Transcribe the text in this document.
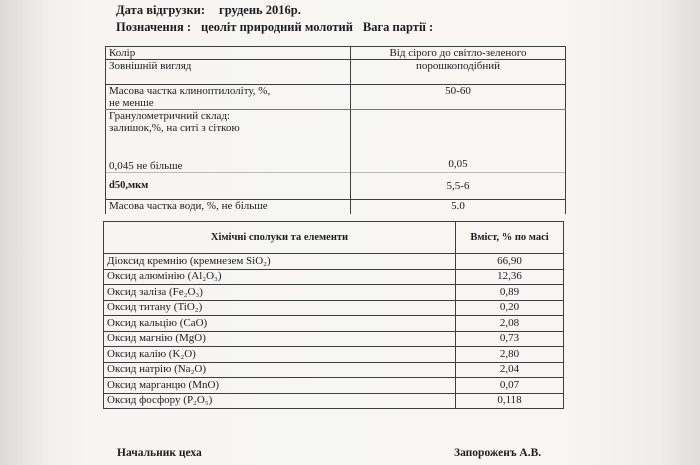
Дата відгрузки: грудень 2016р.
Позначення : цеоліт природний молотий Вага партії :
Колір	Від сірого до світло-зеленого
Зовнішній вигляд	порошкоподібний
Масова частка клиноптилоліту, %,
не менше	50-60
Гранулометричний склад:
залишок,%, на ситі з сіткою
0,045 не більше	0,05
d50,мкм	5,5-6
Масова частка води, %, не більше	5.0
Хімічні сполуки та елементи	Вміст, % по масі
Діоксид кремнію (кремнезем SiO₂)	66,90
Оксид алюмінію (Al₂O₃)	12,36
Оксид заліза (Fe₂O₃)	0,89
Оксид титану (TiO₂)	0,20
Оксид кальцію (CaO)	2,08
Оксид магнію (MgO)	0,73
Оксид калію (K₂O)	2,80
Оксид натрію (Na₂O)	2,04
Оксид марганцю (MnO)	0,07
Оксид фосфору (P₂O₅)	0,118
Начальник цеха	Запороженъ А.В.
